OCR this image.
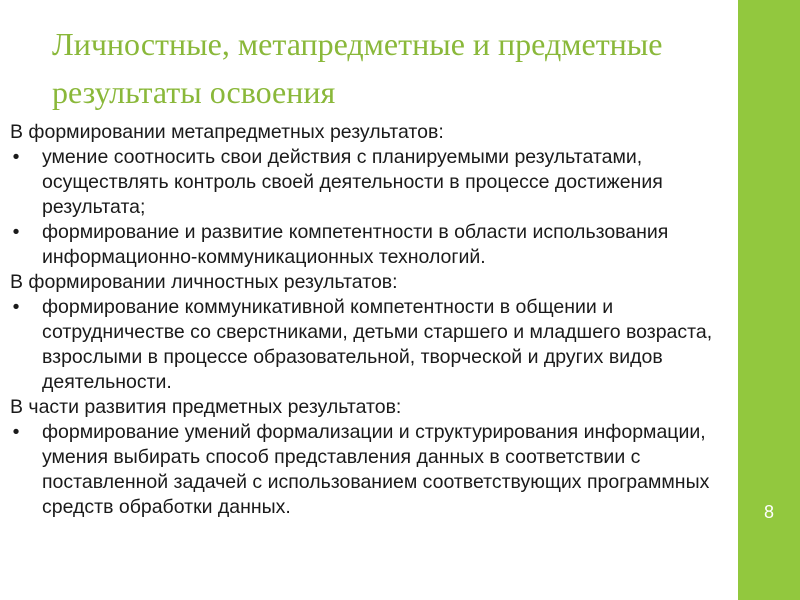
8
Личностные, метапредметные и предметные результаты освоения

В формировании метапредметных результатов:

• умение соотносить свои действия с планируемыми результатами, осуществлять контроль своей деятельности в процессе достижения результата;
• формирование и развитие компетентности в области использования информационно-коммуникационных технологий.

В формировании личностных результатов:

• формирование коммуникативной компетентности в общении и сотрудничестве со сверстниками, детьми старшего и младшего возраста, взрослыми в процессе образовательной, творческой и других видов деятельности.

В части развития предметных результатов:

• формирование умений формализации и структурирования информации, умения выбирать способ представления данных в соответствии с поставленной задачей с использованием соответствующих программных средств обработки данных.
